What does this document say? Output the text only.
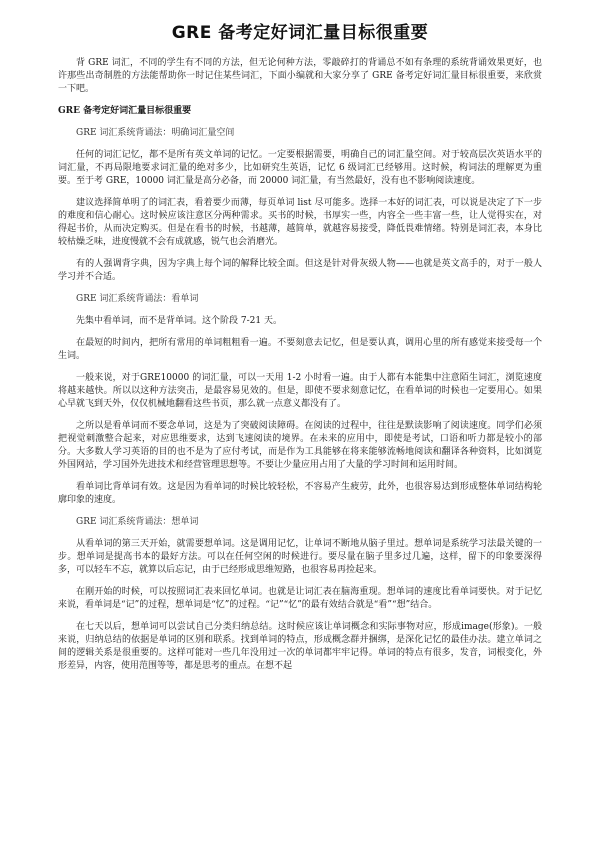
GRE 备考定好词汇量目标很重要

背 GRE 词汇，不同的学生有不同的方法，但无论何种方法，零敲碎打的背诵总不如有条理的系统背诵效果更好，也许那些出奇制胜的方法能帮助你一时记住某些词汇，下面小编就和大家分享了 GRE 备考定好词汇量目标很重要，来欣赏一下吧。

GRE 备考定好词汇量目标很重要

GRE 词汇系统背诵法：明确词汇量空间

任何的词汇记忆，都不是所有英文单词的记忆。一定要根据需要，明确自己的词汇量空间。对于较高层次英语水平的词汇量，不再局限地要求词汇量的绝对多少，比如研究生英语，记忆 6 级词汇已经够用。这时候，构词法的理解更为重要。至于考 GRE，10000 词汇量是高分必备，而 20000 词汇量，有当然最好，没有也不影响阅读速度。

建议选择简单明了的词汇表，看着要少而薄，每页单词 list 尽可能多。选择一本好的词汇表，可以说是决定了下一步的难度和信心耐心。这时候应该注意区分两种需求。买书的时候，书厚实一些，内容全一些丰富一些，让人觉得实在，对得起书价，从而决定购买。但是在看书的时候，书越薄，越简单，就越容易接受，降低畏难情绪。特别是词汇表，本身比较枯燥乏味，进度慢就不会有成就感，锐气也会消磨光。

有的人强调背字典，因为字典上每个词的解释比较全面。但这是针对骨灰级人物——也就是英文高手的，对于一般人学习并不合适。

GRE 词汇系统背诵法：看单词

先集中看单词，而不是背单词。这个阶段 7-21 天。

在最短的时间内，把所有常用的单词粗粗看一遍。不要刻意去记忆，但是要认真，调用心里的所有感觉来接受每一个生词。

一般来说，对于GRE10000 的词汇量，可以一天用 1-2 小时看一遍。由于人都有本能集中注意陌生词汇，浏览速度将越来越快。所以以这种方法突击，是最容易见效的。但是，即使不要求刻意记忆，在看单词的时候也一定要用心。如果心早就飞到天外，仅仅机械地翻看这些书页，那么就一点意义都没有了。

之所以是看单词而不要念单词，这是为了突破阅读障碍。在阅读的过程中，往往是默读影响了阅读速度。同学们必须把视觉刺激整合起来，对应思维要求，达到飞速阅读的境界。在未来的应用中，即使是考试，口语和听力都是较小的部分。大多数人学习英语的目的也不是为了应付考试，而是作为工具能够在将来能够流畅地阅读和翻译各种资料，比如浏览外国网站，学习国外先进技术和经营管理思想等。不要让少量应用占用了大量的学习时间和运用时间。

看单词比背单词有效。这是因为看单词的时候比较轻松，不容易产生疲劳，此外，也很容易达到形成整体单词结构轮廓印象的速度。

GRE 词汇系统背诵法：想单词

从看单词的第三天开始，就需要想单词。这是调用记忆，让单词不断地从脑子里过。想单词是系统学习法最关键的一步。想单词是提高书本的最好方法。可以在任何空闲的时候进行。要尽量在脑子里多过几遍，这样，留下的印象要深得多，可以轻车不忘，就算以后忘记，由于已经形成思维短路，也很容易再捡起来。

在刚开始的时候，可以按照词汇表来回忆单词。也就是让词汇表在脑海重现。想单词的速度比看单词要快。对于记忆来说，看单词是“记”的过程，想单词是“忆”的过程。“记”“忆”的最有效结合就是“看”“想”结合。

在七天以后，想单词可以尝试自己分类归纳总结。这时候应该让单词概念和实际事物对应，形成image(形象)。一般来说，归纳总结的依据是单词的区别和联系。找到单词的特点，形成概念群并捆绑，是深化记忆的最佳办法。建立单词之间的逻辑关系是很重要的。这样可能对一些几年没用过一次的单词都牢牢记得。单词的特点有很多，发音，词根变化，外形差异，内容，使用范围等等，都是思考的重点。在想不起
